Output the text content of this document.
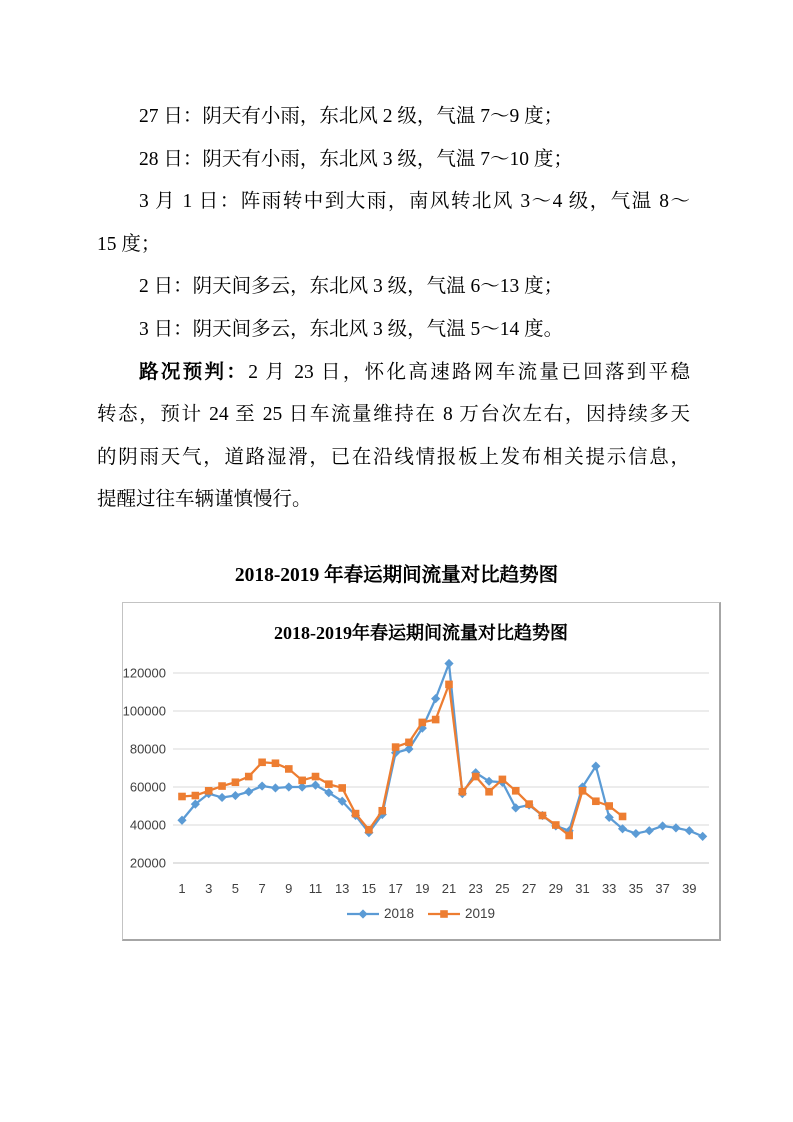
27 日：阴天有小雨，东北风 2 级，气温 7～9 度；
28 日：阴天有小雨，东北风 3 级，气温 7～10 度；
3 月 1 日：阵雨转中到大雨，南风转北风 3～4 级，气温 8～
15 度；
2 日：阴天间多云，东北风 3 级，气温 6～13 度；
3 日：阴天间多云，东北风 3 级，气温 5～14 度。
路况预判：2 月 23 日，怀化高速路网车流量已回落到平稳
转态，预计 24 至 25 日车流量维持在 8 万台次左右，因持续多天
的阴雨天气，道路湿滑，已在沿线情报板上发布相关提示信息，
提醒过往车辆谨慎慢行。
2018-2019 年春运期间流量对比趋势图
2018-2019年春运期间流量对比趋势图
120000
100000
80000
60000
40000
20000
1 3 5 7 9 11 13 15 17 19 21 23 25 27 29 31 33 35 37 39
2018	2019
